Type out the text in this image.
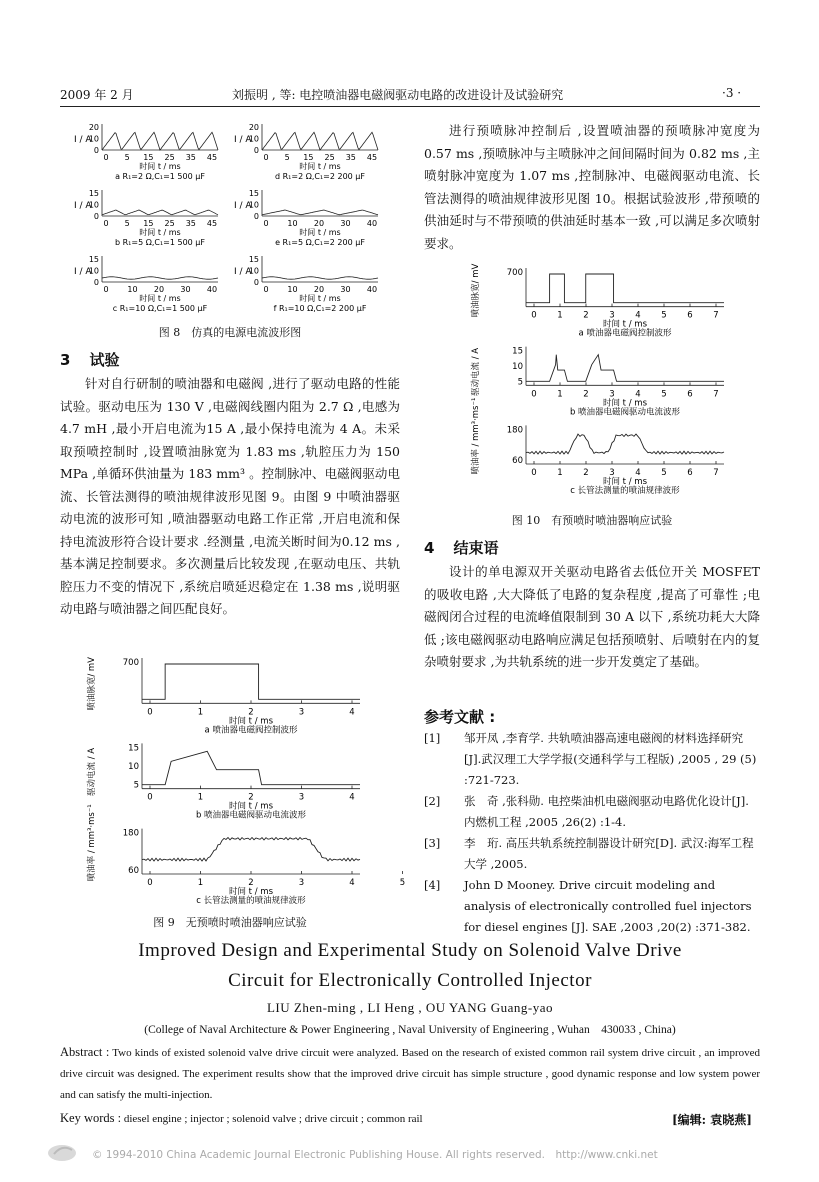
2009 年 2 月	刘振明 , 等: 电控喷油器电磁阀驱动电路的改进设计及试验研究	·3 ·
I / A
20
10
0
0 5 15 25 35 45
时间 t / ms
a R₁=2 Ω,C₁=1 500 μF
I / A
15
10
0
0 5 15 25 35 45
时间 t / ms
b R₁=5 Ω,C₁=1 500 μF
I / A
15
10
0
0 10 20 30 40
时间 t / ms
c R₁=10 Ω,C₁=1 500 μF
I / A
20
10
0
0 5 15 25 35 45
时间 t / ms
d R₁=2 Ω,C₁=2 200 μF
I / A
15
10
0
0 10 20 30 40
时间 t / ms
e R₁=5 Ω,C₁=2 200 μF
I / A
15
10
0
0 10 20 30 40
时间 t / ms
f R₁=10 Ω,C₁=2 200 μF
图 8　仿真的电源电流波形图
3 试验

针对自行研制的喷油器和电磁阀 ,进行了驱动电路的性能试验。驱动电压为 130 V ,电磁阀线圈内阻为 2.7 Ω ,电感为 4.7 mH ,最小开启电流为15 A ,最小保持电流为 4 A。未采取预喷控制时 ,设置喷油脉宽为 1.83 ms ,轨腔压力为 150 MPa ,单循环供油量为 183 mm³ 。控制脉冲、电磁阀驱动电流、长管法测得的喷油规律波形见图 9。由图 9 中喷油器驱动电流的波形可知 ,喷油器驱动电路工作正常 ,开启电流和保持电流波形符合设计要求 .经测量 ,电流关断时间为0.12 ms ,基本满足控制要求。多次测量后比较发现 ,在驱动电压、共轨腔压力不变的情况下 ,系统启喷延迟稳定在 1.38 ms ,说明驱动电路与喷油器之间匹配良好。

喷油脉宽/ mV	700
0	1	2	3	4
时间 t / ms
a 喷油器电磁阀控制波形
驱动电流 / A	15
10
5
0	1	2	3	4
时间 t / ms
b 喷油器电磁阀驱动电流波形
喷油率 / mm³·ms⁻¹	180
60
0	1	2	3	4	5
时间 t / ms
c 长管法测量的喷油规律波形
图 9　无预喷时喷油器响应试验

进行预喷脉冲控制后 ,设置喷油器的预喷脉冲宽度为 0.57 ms ,预喷脉冲与主喷脉冲之间间隔时间为 0.82 ms ,主喷射脉冲宽度为 1.07 ms ,控制脉冲、电磁阀驱动电流、长管法测得的喷油规律波形见图 10。根据试验波形 ,带预喷的供油延时与不带预喷的供油延时基本一致 ,可以满足多次喷射要求。

喷油脉宽/ mV	700
0 1 2 3 4 5 6 7
时间 t / ms
a 喷油器电磁阀控制波形
驱动电流 / A	15
10
5
0 1 2 3 4 5 6 7
时间 t / ms
b 喷油器电磁阀驱动电流波形
喷油率 / mm³·ms⁻¹	180
60
0 1 2 3 4 5 6 7
时间 t / ms
c 长管法测量的喷油规律波形
图 10　有预喷时喷油器响应试验
4 结束语

设计的单电源双开关驱动电路省去低位开关 MOSFET 的吸收电路 ,大大降低了电路的复杂程度 ,提高了可靠性 ;电磁阀闭合过程的电流峰值限制到 30 A 以下 ,系统功耗大大降低 ;该电磁阀驱动电路响应满足包括预喷射、后喷射在内的复杂喷射要求 ,为共轨系统的进一步开发奠定了基础。

参考文献 :
[1] 邹开凤 ,李育学. 共轨喷油器高速电磁阀的材料选择研究[J].武汉理工大学学报(交通科学与工程版) ,2005 , 29 (5) :721-723.
[2] 张　奇 ,张科勋. 电控柴油机电磁阀驱动电路优化设计[J].内燃机工程 ,2005 ,26(2) :1-4.
[3] 李　珩. 高压共轨系统控制器设计研究[D]. 武汉:海军工程大学 ,2005.
[4] John D Mooney. Drive circuit modeling and analysis of electronically controlled fuel injectors for diesel engines [J]. SAE ,2003 ,20(2) :371-382.
Improved Design and Experimental Study on Solenoid Valve Drive
Circuit for Electronically Controlled Injector
LIU Zhen-ming , LI Heng , OU YANG Guang-yao
(College of Naval Architecture & Power Engineering , Naval University of Engineering , Wuhan　430033 , China)
Abstract : Two kinds of existed solenoid valve drive circuit were analyzed. Based on the research of existed common rail system drive circuit , an improved drive circuit was designed. The experiment results show that the improved drive circuit has simple structure , good dynamic response and low system power and can satisfy the multi-injection.
Key words : diesel engine ; injector ; solenoid valve ; drive circuit ; common rail	[编辑: 袁晓燕]
© 1994-2010 China Academic Journal Electronic Publishing House. All rights reserved.　http://www.cnki.net
